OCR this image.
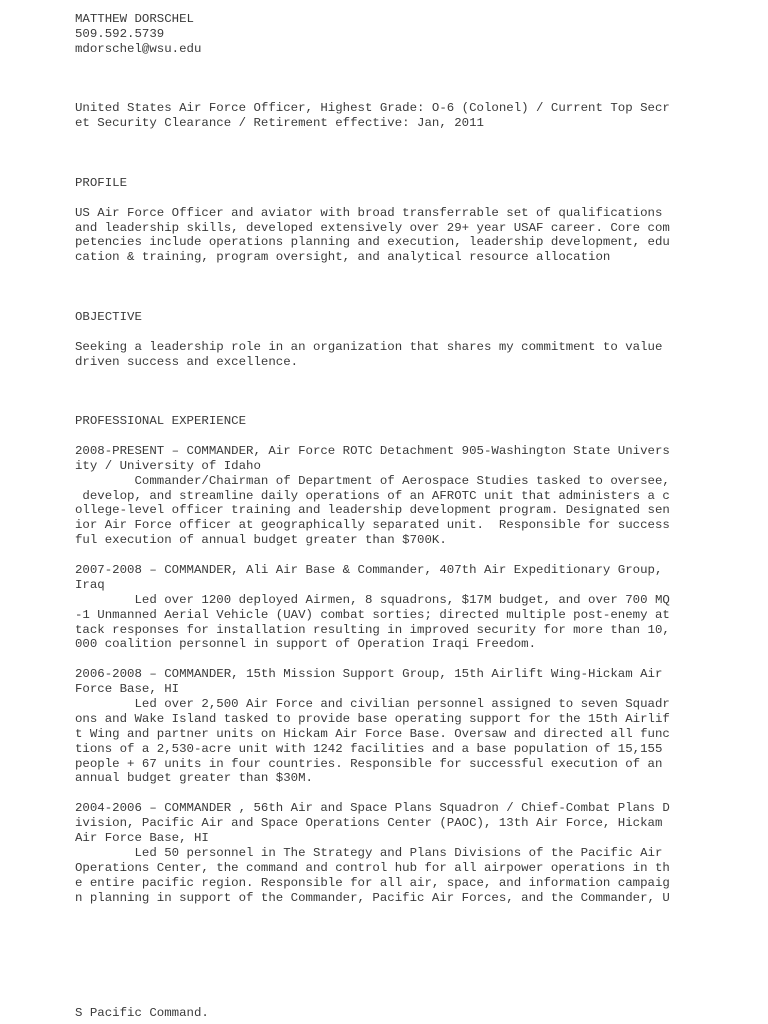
MATTHEW DORSCHEL
509.592.5739
mdorschel@wsu.edu
United States Air Force Officer, Highest Grade: O-6 (Colonel) / Current Top Secr
et Security Clearance / Retirement effective: Jan, 2011
PROFILE
US Air Force Officer and aviator with broad transferrable set of qualifications
and leadership skills, developed extensively over 29+ year USAF career. Core com
petencies include operations planning and execution, leadership development, edu
cation & training, program oversight, and analytical resource allocation
OBJECTIVE
Seeking a leadership role in an organization that shares my commitment to value
driven success and excellence.
PROFESSIONAL EXPERIENCE
2008-PRESENT – COMMANDER, Air Force ROTC Detachment 905-Washington State Univers
ity / University of Idaho
Commander/Chairman of Department of Aerospace Studies tasked to oversee,
develop, and streamline daily operations of an AFROTC unit that administers a c
ollege-level officer training and leadership development program. Designated sen
ior Air Force officer at geographically separated unit.  Responsible for success
ful execution of annual budget greater than $700K.
2007-2008 – COMMANDER, Ali Air Base & Commander, 407th Air Expeditionary Group,
Iraq
Led over 1200 deployed Airmen, 8 squadrons, $17M budget, and over 700 MQ
-1 Unmanned Aerial Vehicle (UAV) combat sorties; directed multiple post-enemy at
tack responses for installation resulting in improved security for more than 10,
000 coalition personnel in support of Operation Iraqi Freedom.
2006-2008 – COMMANDER, 15th Mission Support Group, 15th Airlift Wing-Hickam Air
Force Base, HI
Led over 2,500 Air Force and civilian personnel assigned to seven Squadr
ons and Wake Island tasked to provide base operating support for the 15th Airlif
t Wing and partner units on Hickam Air Force Base. Oversaw and directed all func
tions of a 2,530-acre unit with 1242 facilities and a base population of 15,155
people + 67 units in four countries. Responsible for successful execution of an
annual budget greater than $30M.
2004-2006 – COMMANDER , 56th Air and Space Plans Squadron / Chief-Combat Plans D
ivision, Pacific Air and Space Operations Center (PAOC), 13th Air Force, Hickam
Air Force Base, HI
Led 50 personnel in The Strategy and Plans Divisions of the Pacific Air
Operations Center, the command and control hub for all airpower operations in th
e entire pacific region. Responsible for all air, space, and information campaig
n planning in support of the Commander, Pacific Air Forces, and the Commander, U
S Pacific Command.
